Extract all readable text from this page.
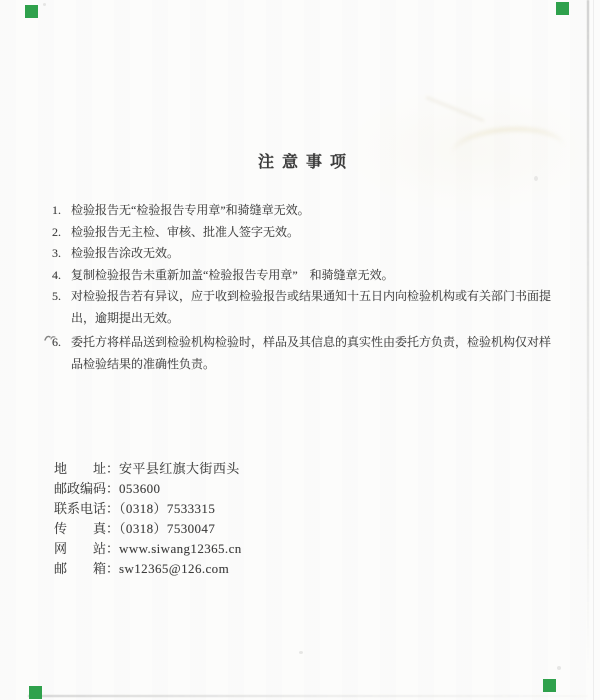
注 意 事 项
1. 检验报告无“检验报告专用章”和骑缝章无效。
2. 检验报告无主检、审核、批准人签字无效。
3. 检验报告涂改无效。
4. 复制检验报告未重新加盖“检验报告专用章”　和骑缝章无效。
5. 对检验报告若有异议，应于收到检验报告或结果通知十五日内向检验机构或有关部门书面提
出，逾期提出无效。
6. 委托方将样品送到检验机构检验时，样品及其信息的真实性由委托方负责，检验机构仅对样
品检验结果的准确性负责。
地　　址：安平县红旗大街西头
邮政编码：053600
联系电话：（0318）7533315
传　　真：（0318）7530047
网　　站：www.siwang12365.cn
邮　　箱：sw12365@126.com
